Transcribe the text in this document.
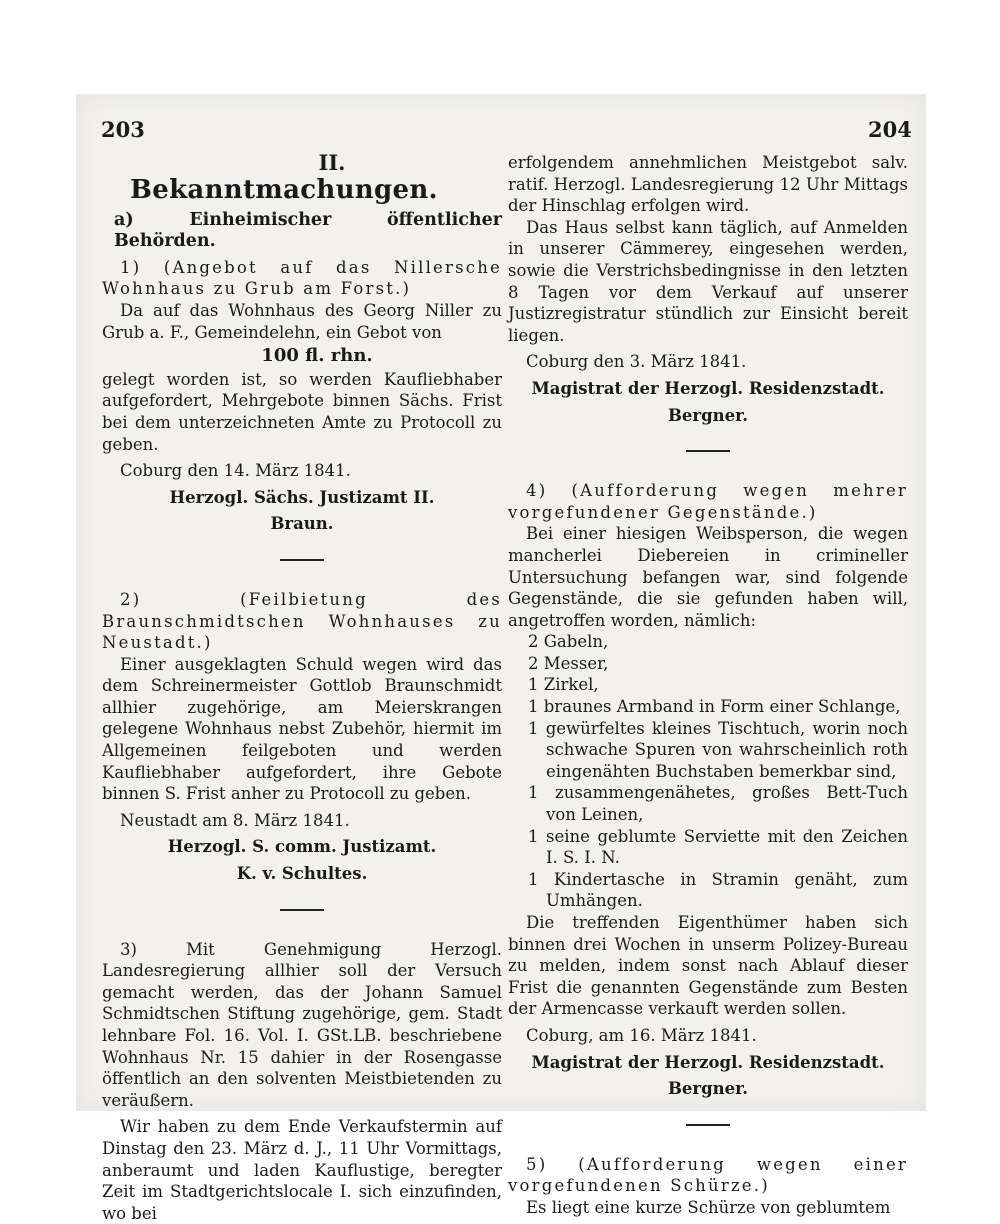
203	204
II.
Bekanntmachungen.

a) Einheimischer öffentlicher Behörden.

1) (Angebot auf das Nillersche Wohnhaus zu Grub am Forst.)

Da auf das Wohnhaus des Georg Niller zu Grub a. F., Gemeindelehn, ein Gebot von

100 fl. rhn.

gelegt worden ist, so werden Kaufliebhaber aufgefordert, Mehrgebote binnen Sächs. Frist bei dem unterzeichneten Amte zu Protocoll zu geben.

Coburg den 14. März 1841.

Herzogl. Sächs. Justizamt II.

Braun.

2) (Feilbietung des Braunschmidtschen Wohnhauses zu Neustadt.)

Einer ausgeklagten Schuld wegen wird das dem Schreinermeister Gottlob Braunschmidt allhier zugehörige, am Meierskrangen gelegene Wohnhaus nebst Zubehör, hiermit im Allgemeinen feilgeboten und werden Kaufliebhaber aufgefordert, ihre Gebote binnen S. Frist anher zu Protocoll zu geben.

Neustadt am 8. März 1841.

Herzogl. S. comm. Justizamt.

K. v. Schultes.

3) Mit Genehmigung Herzogl. Landesregierung allhier soll der Versuch gemacht werden, das der Johann Samuel Schmidtschen Stiftung zugehörige, gem. Stadt lehnbare Fol. 16. Vol. I. GSt.LB. beschriebene Wohnhaus Nr. 15 dahier in der Rosengasse öffentlich an den solventen Meistbietenden zu veräußern.

Wir haben zu dem Ende Verkaufstermin auf Dinstag den 23. März d. J., 11 Uhr Vormittags, anberaumt und laden Kauflustige, beregter Zeit im Stadtgerichtslocale I. sich einzufinden, wo bei

erfolgendem annehmlichen Meistgebot salv. ratif. Herzogl. Landesregierung 12 Uhr Mittags der Hinschlag erfolgen wird.

Das Haus selbst kann täglich, auf Anmelden in unserer Cämmerey, eingesehen werden, sowie die Verstrichsbedingnisse in den letzten 8 Tagen vor dem Verkauf auf unserer Justizregistratur stündlich zur Einsicht bereit liegen.

Coburg den 3. März 1841.

Magistrat der Herzogl. Residenzstadt.

Bergner.

4) (Aufforderung wegen mehrer vorgefundener Gegenstände.)

Bei einer hiesigen Weibsperson, die wegen mancherlei Diebereien in crimineller Untersuchung befangen war, sind folgende Gegenstände, die sie gefunden haben will, angetroffen worden, nämlich:

2 Gabeln,

2 Messer,

1 Zirkel,

1 braunes Armband in Form einer Schlange,

1 gewürfeltes kleines Tischtuch, worin noch schwache Spuren von wahrscheinlich roth eingenähten Buchstaben bemerkbar sind,

1 zusammengenähetes, großes Bett-Tuch von Leinen,

1 seine geblumte Serviette mit den Zeichen I. S. I. N.

1 Kindertasche in Stramin genäht, zum Umhängen.

Die treffenden Eigenthümer haben sich binnen drei Wochen in unserm Polizey-Bureau zu melden, indem sonst nach Ablauf dieser Frist die genannten Gegenstände zum Besten der Armencasse verkauft werden sollen.

Coburg, am 16. März 1841.

Magistrat der Herzogl. Residenzstadt.

Bergner.

5) (Aufforderung wegen einer vorgefundenen Schürze.)

Es liegt eine kurze Schürze von geblumtem
